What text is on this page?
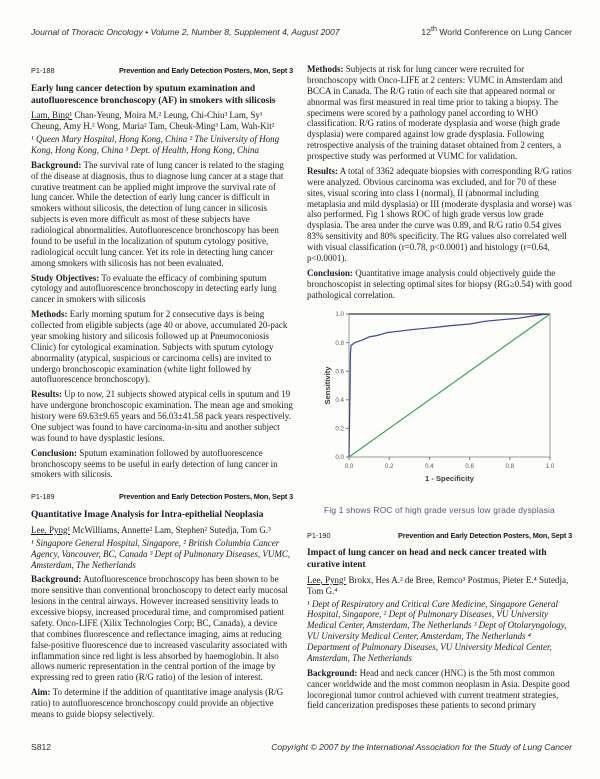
Journal of Thoracic Oncology • Volume 2, Number 8, Supplement 4, August 2007	12th World Conference on Lung Cancer
P1-188	Prevention and Early Detection Posters, Mon, Sept 3
Early lung cancer detection by sputum examination and autofluorescence bronchoscopy (AF) in smokers with silicosis

Lam, Bing¹ Chan-Yeung, Moira M.² Leung, Chi-Chiu³ Lam, Sy¹ Cheung, Amy H.² Wong, Maria² Tam, Cheuk-Ming³ Lam, Wah-Kit²

¹ Queen Mary Hospital, Hong Kong, China ² The University of Hong Kong, Hong Kong, China ³ Dept. of Health, Hong Kong, China

Background: The survival rate of lung cancer is related to the staging of the disease at diagnosis, thus to diagnose lung cancer at a stage that curative treatment can be applied might improve the survival rate of lung cancer. While the detection of early lung cancer is difficult in smokers without silicosis, the detection of lung cancer in silicosis subjects is even more difficult as most of these subjects have radiological abnormalities. Autofluorescence bronchoscopy has been found to be useful in the localization of sputum cytology positive, radiological occult lung cancer. Yet its role in detecting lung cancer among smokers with silicosis has not been evaluated.

Study Objectives: To evaluate the efficacy of combining sputum cytology and autofluorescence bronchoscopy in detecting early lung cancer in smokers with silicosis

Methods: Early morning sputum for 2 consecutive days is being collected from eligible subjects (age 40 or above, accumulated 20-pack year smoking history and silicosis followed up at Pneumoconiosis Clinic) for cytological examination. Subjects with sputum cytology abnormality (atypical, suspicious or carcinoma cells) are invited to undergo bronchoscopic examination (white light followed by autofluorescence bronchoscopy).

Results: Up to now, 21 subjects showed atypical cells in sputum and 19 have undergone bronchoscopic examination. The mean age and smoking history were 69.63±9.65 years and 56.03±41.58 pack years respectively. One subject was found to have carcinoma-in-situ and another subject was found to have dysplastic lesions.

Conclusion: Sputum examination followed by autofluorescence bronchoscopy seems to be useful in early detection of lung cancer in smokers with silicosis.

P1-189	Prevention and Early Detection Posters, Mon, Sept 3
Quantitative Image Analysis for Intra-epithelial Neoplasia

Lee, Pyng¹ McWilliams, Annette² Lam, Stephen² Sutedja, Tom G.³

¹ Singapore General Hospital, Singapore, ² British Columbia Cancer Agency, Vancouver, BC, Canada ³ Dept of Pulmonary Diseases, VUMC, Amsterdam, The Netherlands

Background: Autofluorescence bronchoscopy has been shown to be more sensitive than conventional bronchoscopy to detect early mucosal lesions in the central airways. However increased sensitivity leads to excessive biopsy, increased procedural time, and compromised patient safety. Onco-LIFE (Xilix Technologies Corp; BC, Canada), a device that combines fluorescence and reflectance imaging, aims at reducing false-positive fluorescence due to increased vascularity associated with inflammation since red light is less absorbed by haemoglobin. It also allows numeric representation in the central portion of the image by expressing red to green ratio (R/G ratio) of the lesion of interest.

Aim: To determine if the addition of quantitative image analysis (R/G ratio) to autofluorescence bronchoscopy could provide an objective means to guide biopsy selectively.

Methods: Subjects at risk for lung cancer were recruited for bronchoscopy with Onco-LIFE at 2 centers: VUMC in Amsterdam and BCCA in Canada. The R/G ratio of each site that appeared normal or abnormal was first measured in real time prior to taking a biopsy. The specimens were scored by a pathology panel according to WHO classification. R/G ratios of moderate dysplasia and worse (high grade dysplasia) were compared against low grade dysplasia. Following retrospective analysis of the training dataset obtained from 2 centers, a prospective study was performed at VUMC for validation.

Results: A total of 3362 adequate biopsies with corresponding R/G ratios were analyzed. Obvious carcinoma was excluded, and for 70 of these sites, visual scoring into class I (normal), II (abnormal including metaplasia and mild dysplasia) or III (moderate dysplasia and worse) was also performed. Fig 1 shows ROC of high grade versus low grade dysplasia. The area under the curve was 0.89, and R/G ratio 0.54 gives 83% sensitivity and 80% specificity. The RG values also correlated well with visual classification (r=0.78, p<0.0001) and histology (r=0.64, p<0.0001).

Conclusion: Quantitative image analysis could objectively guide the bronchoscopist in selecting optimal sites for biopsy (RG≥0.54) with good pathological correlation.

0.0	0.2	0.4	0.6	0.8	1.0
0.0
0.2
0.4
0.6
0.8
1.0
1 - Specificity
Sensitivity
Fig 1 shows ROC of high grade versus low grade dysplasia
P1-190	Prevention and Early Detection Posters, Mon, Sept 3
Impact of lung cancer on head and neck cancer treated with curative intent

Lee, Pyng¹ Brokx, Hes A.² de Bree, Remco³ Postmus, Pieter E.⁴ Sutedja, Tom G.⁴

¹ Dept of Respiratory and Critical Care Medicine, Singapore General Hospital, Singapore, ² Dept of Pulmonary Diseases, VU University Medical Center, Amsterdam, The Netherlands ³ Dept of Otolaryngology, VU University Medical Center, Amsterdam, The Netherlands ⁴ Department of Pulmonary Diseases, VU University Medical Center, Amsterdam, The Netherlands

Background: Head and neck cancer (HNC) is the 5th most common cancer worldwide and the most common neoplasm in Asia. Despite good locoregional tumor control achieved with current treatment strategies, field cancerization predisposes these patients to second primary

S812	Copyright © 2007 by the International Association for the Study of Lung Cancer
